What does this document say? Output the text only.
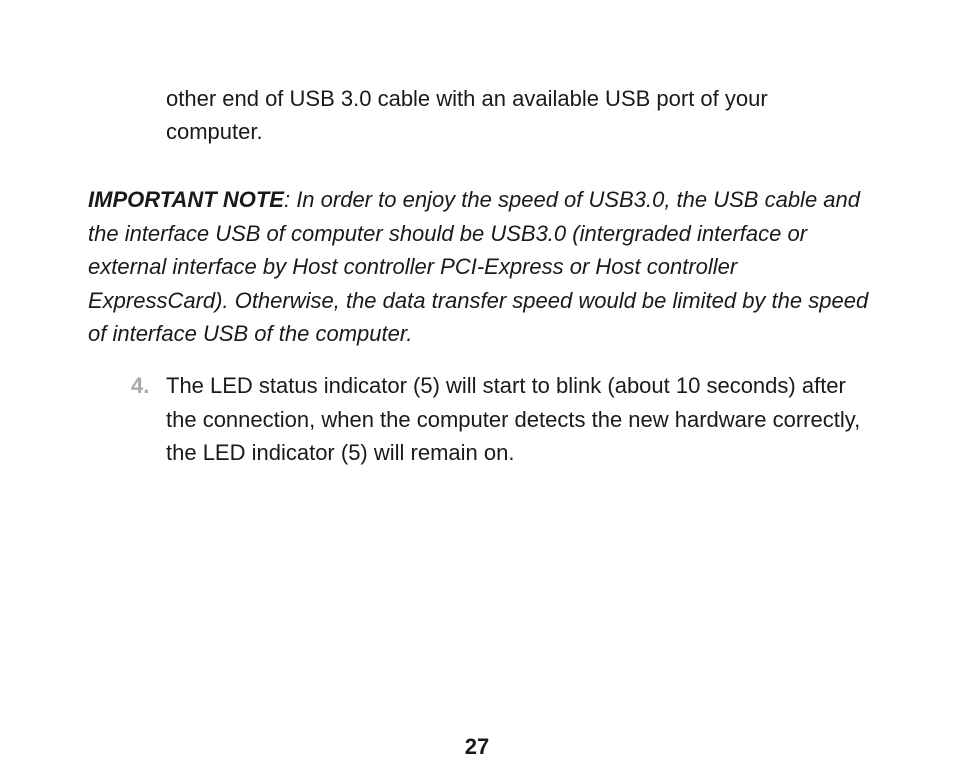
other end of USB 3.0 cable with an available USB port of your computer.

IMPORTANT NOTE: In order to enjoy the speed of USB3.0, the USB cable and the interface USB of computer should be USB3.0 (intergraded interface or external interface by Host controller PCI-Express or Host controller ExpressCard). Otherwise, the data transfer speed would be limited by the speed of interface USB of the computer.

4. The LED status indicator (5) will start to blink (about 10 seconds) after the connection, when the computer detects the new hardware correctly, the LED indicator (5) will remain on.

27
